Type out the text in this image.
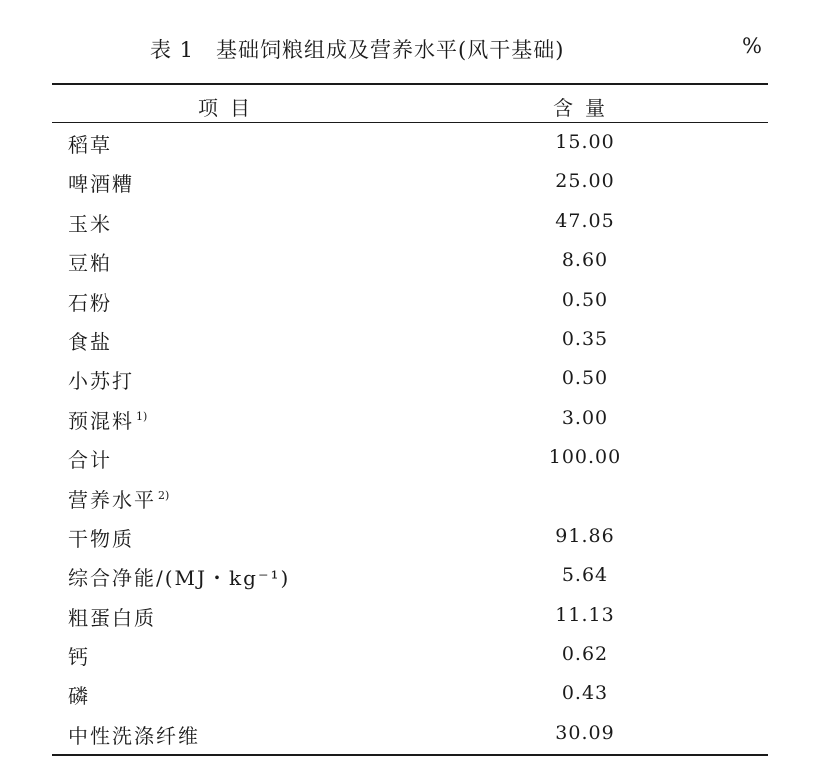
表 1　基础饲粮组成及营养水平(风干基础)	%
项目	含量
稻草	15.00
啤酒糟	25.00
玉米	47.05
豆粕	8.60
石粉	0.50
食盐	0.35
小苏打	0.50
预混料 $^{1)}$	3.00
合计	100.00
营养水平 $^{2)}$
干物质	91.86
综合净能/(MJ・kg⁻¹)	5.64
粗蛋白质	11.13
钙	0.62
磷	0.43
中性洗涤纤维	30.09
